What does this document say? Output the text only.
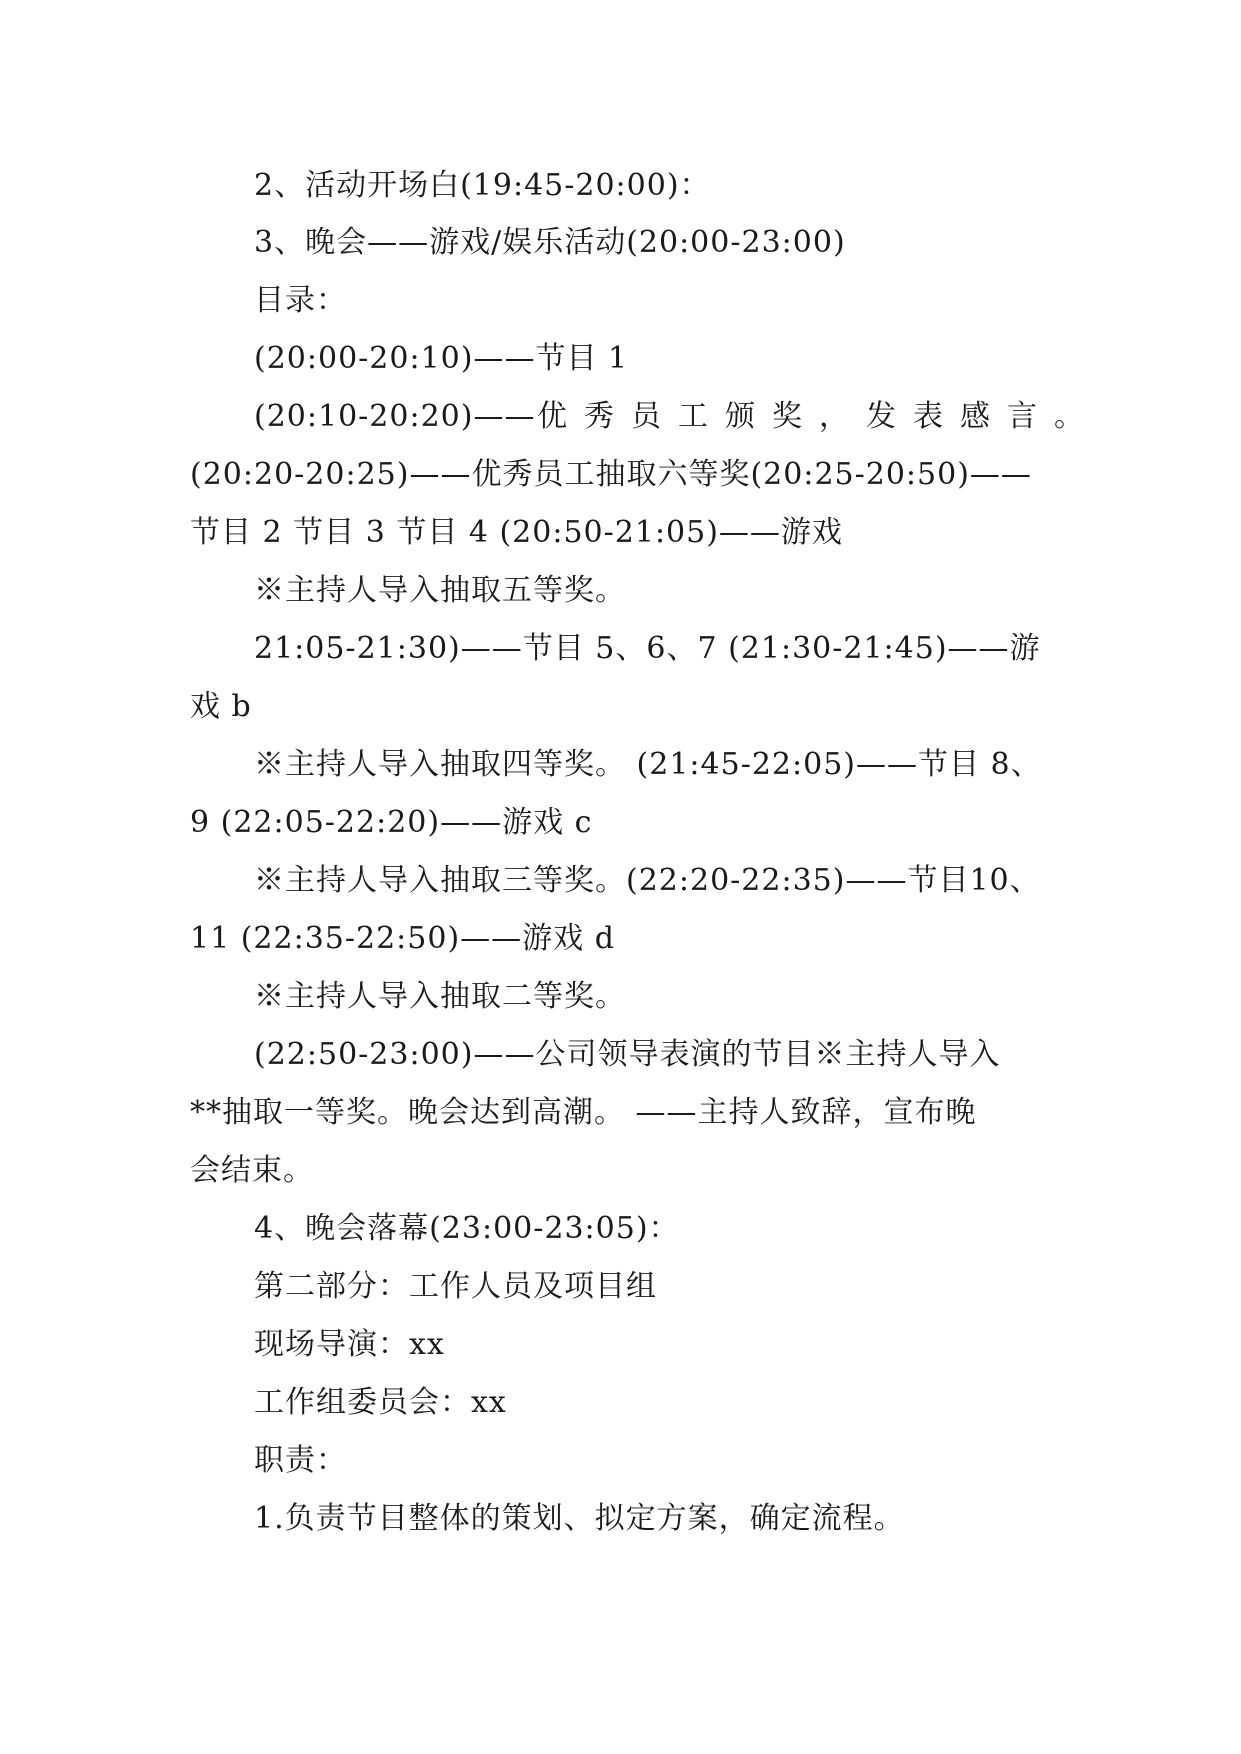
2、活动开场白(19:45-20:00)：
3、晚会——游戏/娱乐活动(20:00-23:00)
目录：
(20:00-20:10)——节目 1
(20:10-20:20)—— 优秀员工颁奖，发表感言。
(20:20-20:25)——优秀员工抽取六等奖(20:25-20:50)——
节目 2 节目 3 节目 4 (20:50-21:05)——游戏
※主持人导入抽取五等奖。
21:05-21:30)——节目 5、6、7 (21:30-21:45)——游
戏 b
※主持人导入抽取四等奖。 (21:45-22:05)——节目 8、
9 (22:05-22:20)——游戏 c
※主持人导入抽取三等奖。(22:20-22:35)——节目10、
11 (22:35-22:50)——游戏 d
※主持人导入抽取二等奖。
(22:50-23:00)——公司领导表演的节目※主持人导入
**抽取一等奖。晚会达到高潮。 ——主持人致辞，宣布晚
会结束。
4、晚会落幕(23:00-23:05)：
第二部分：工作人员及项目组
现场导演：xx
工作组委员会：xx
职责：
1.负责节目整体的策划、拟定方案，确定流程。
